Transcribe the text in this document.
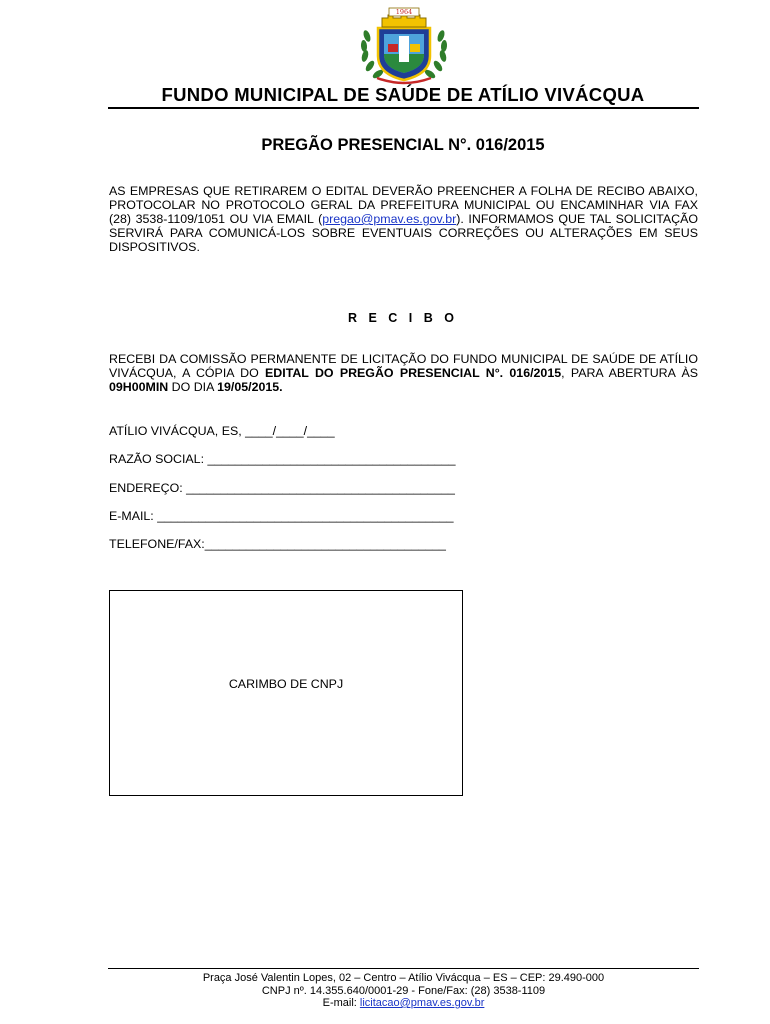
1964
FUNDO MUNICIPAL DE SAÚDE DE ATÍLIO VIVÁCQUA
PREGÃO PRESENCIAL N°. 016/2015
AS EMPRESAS QUE RETIRAREM O EDITAL DEVERÃO PREENCHER A FOLHA DE RECIBO ABAIXO, PROTOCOLAR NO PROTOCOLO GERAL DA PREFEITURA MUNICIPAL OU ENCAMINHAR VIA FAX (28) 3538-1109/1051 OU VIA EMAIL (pregao@pmav.es.gov.br). INFORMAMOS QUE TAL SOLICITAÇÃO SERVIRÁ PARA COMUNICÁ-LOS SOBRE EVENTUAIS CORREÇÕES OU ALTERAÇÕES EM SEUS DISPOSITIVOS.
R E C I B O
RECEBI DA COMISSÃO PERMANENTE DE LICITAÇÃO DO FUNDO MUNICIPAL DE SAÚDE DE ATÍLIO VIVÁCQUA, A CÓPIA DO EDITAL DO PREGÃO PRESENCIAL N°. 016/2015, PARA ABERTURA ÀS 09H00MIN DO DIA 19/05/2015.
ATÍLIO VIVÁCQUA, ES, ____/____/____
RAZÃO SOCIAL: ____________________________________
ENDEREÇO: _______________________________________
E-MAIL: ___________________________________________
TELEFONE/FAX:___________________________________
CARIMBO DE CNPJ
Praça José Valentin Lopes, 02 – Centro – Atílio Vivácqua – ES – CEP: 29.490-000
CNPJ nº. 14.355.640/0001-29 - Fone/Fax: (28) 3538-1109
E-mail: licitacao@pmav.es.gov.br
